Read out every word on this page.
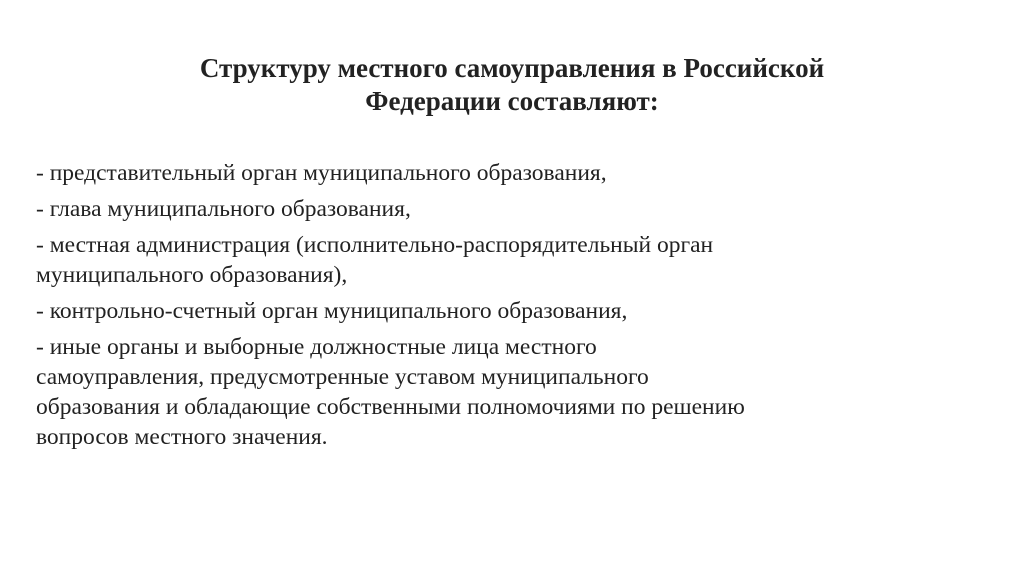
Структуру местного самоуправления в Российской
Федерации составляют:
- представительный орган муниципального образования,
- глава муниципального образования,
- местная администрация (исполнительно-распорядительный орган
муниципального образования),
- контрольно-счетный орган муниципального образования,
- иные органы и выборные должностные лица местного
самоуправления, предусмотренные уставом муниципального
образования и обладающие собственными полномочиями по решению
вопросов местного значения.
